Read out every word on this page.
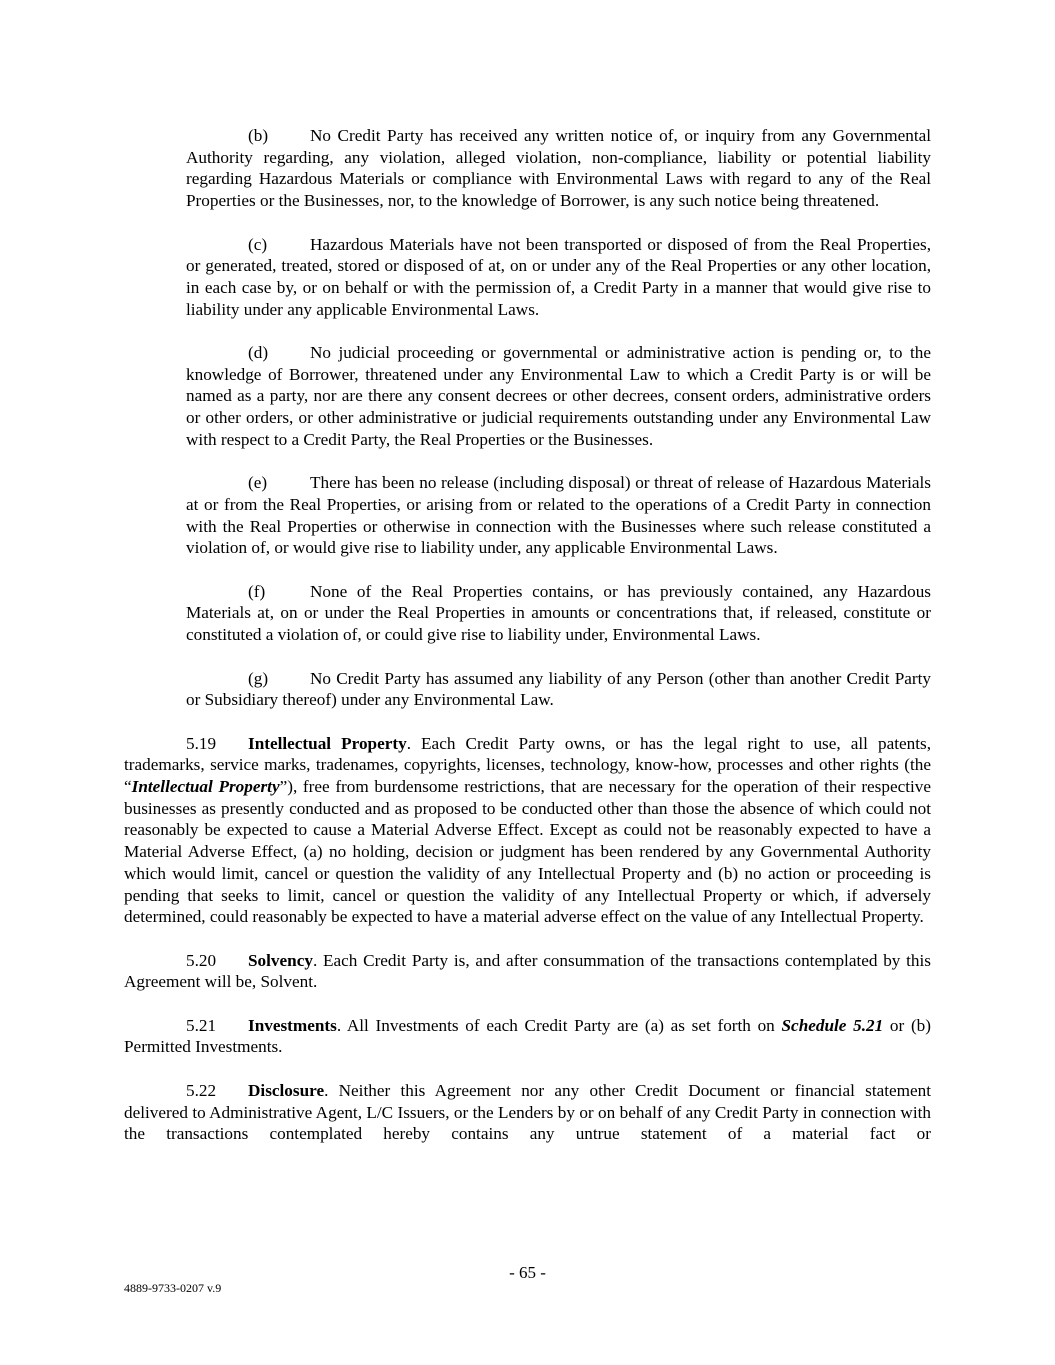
(b) No Credit Party has received any written notice of, or inquiry from any Governmental Authority regarding, any violation, alleged violation, non-compliance, liability or potential liability regarding Hazardous Materials or compliance with Environmental Laws with regard to any of the Real Properties or the Businesses, nor, to the knowledge of Borrower, is any such notice being threatened.

(c) Hazardous Materials have not been transported or disposed of from the Real Properties, or generated, treated, stored or disposed of at, on or under any of the Real Properties or any other location, in each case by, or on behalf or with the permission of, a Credit Party in a manner that would give rise to liability under any applicable Environmental Laws.

(d) No judicial proceeding or governmental or administrative action is pending or, to the knowledge of Borrower, threatened under any Environmental Law to which a Credit Party is or will be named as a party, nor are there any consent decrees or other decrees, consent orders, administrative orders or other orders, or other administrative or judicial requirements outstanding under any Environmental Law with respect to a Credit Party, the Real Properties or the Businesses.

(e) There has been no release (including disposal) or threat of release of Hazardous Materials at or from the Real Properties, or arising from or related to the operations of a Credit Party in connection with the Real Properties or otherwise in connection with the Businesses where such release constituted a violation of, or would give rise to liability under, any applicable Environmental Laws.

(f)	None of the Real Properties contains, or has previously contained, any Hazardous Materials at, on or under the Real Properties in amounts or concentrations that, if released, constitute or constituted a violation of, or could give rise to liability under, Environmental Laws.

(g) No Credit Party has assumed any liability of any Person (other than another Credit Party or Subsidiary thereof) under any Environmental Law.

5.19 Intellectual Property. Each Credit Party owns, or has the legal right to use, all patents, trademarks, service marks, tradenames, copyrights, licenses, technology, know-how, processes and other rights (the “Intellectual Property”), free from burdensome restrictions, that are necessary for the operation of their respective businesses as presently conducted and as proposed to be conducted other than those the absence of which could not reasonably be expected to cause a Material Adverse Effect. Except as could not be reasonably expected to have a Material Adverse Effect, (a) no holding, decision or judgment has been rendered by any Governmental Authority which would limit, cancel or question the validity of any Intellectual Property and (b) no action or proceeding is pending that seeks to limit, cancel or question the validity of any Intellectual Property or which, if adversely determined, could reasonably be expected to have a material adverse effect on the value of any Intellectual Property.

5.20 Solvency. Each Credit Party is, and after consummation of the transactions contemplated by this Agreement will be, Solvent.

5.21 Investments. All Investments of each Credit Party are (a) as set forth on Schedule 5.21 or (b) Permitted Investments.

5.22 Disclosure. Neither this Agreement nor any other Credit Document or financial statement delivered to Administrative Agent, L/C Issuers, or the Lenders by or on behalf of any Credit Party in connection with the transactions contemplated hereby contains any untrue statement of a material fact or

- 65 -
4889-9733-0207 v.9
